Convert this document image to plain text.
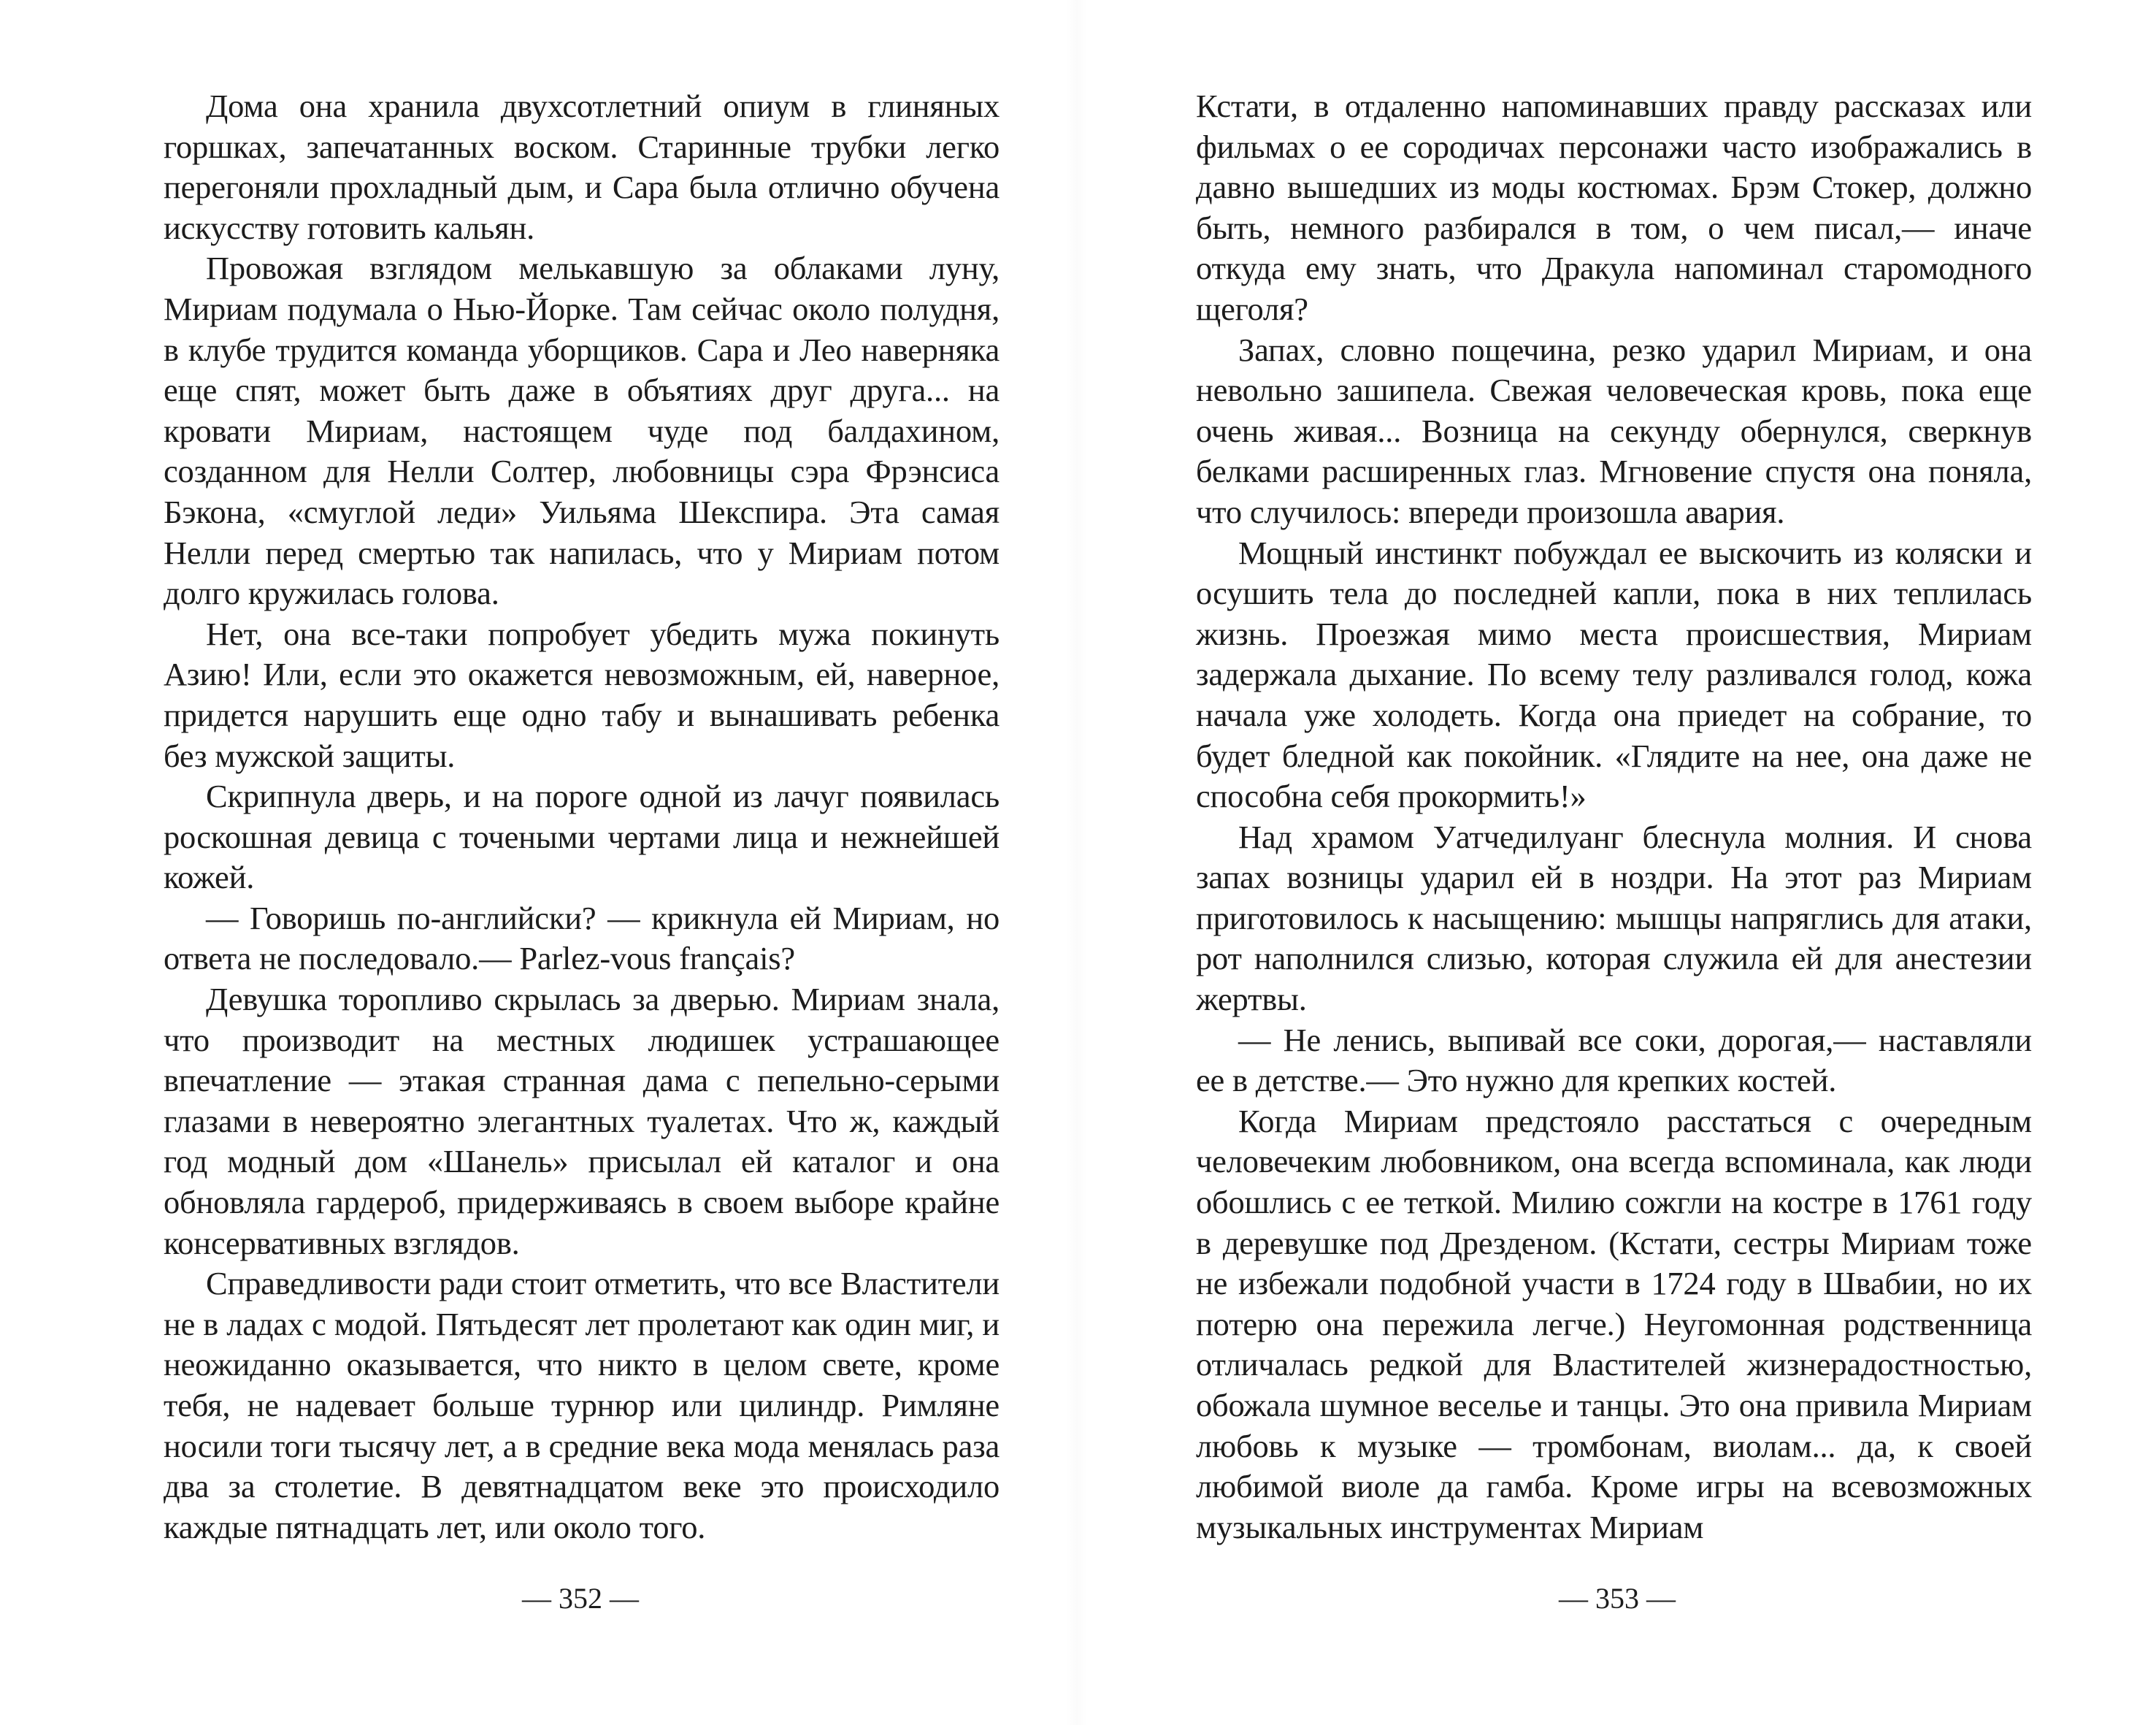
Дома она хранила двухсотлетний опиум в глиняных горшках, запечатанных воском. Старинные трубки легко перегоняли прохладный дым, и Сара была отлично обучена искусству готовить кальян.

Провожая взглядом мелькавшую за облаками луну, Мириам подумала о Нью-Йорке. Там сейчас около полудня, в клубе трудится команда уборщиков. Сара и Лео наверняка еще спят, может быть даже в объятиях друг друга... на кровати Мириам, настоящем чуде под балдахином, созданном для Нелли Солтер, любовницы сэра Фрэнсиса Бэкона, «смуглой леди» Уильяма Шекспира. Эта самая Нелли перед смертью так напилась, что у Мириам потом долго кружилась голова.

Нет, она все-таки попробует убедить мужа покинуть Азию! Или, если это окажется невозможным, ей, наверное, придется нарушить еще одно табу и вынашивать ребенка без мужской защиты.

Скрипнула дверь, и на пороге одной из лачуг появилась роскошная девица с точеными чертами лица и нежнейшей кожей.

— Говоришь по-английски? — крикнула ей Мириам, но ответа не последовало.— Parlez-vous français?

Девушка торопливо скрылась за дверью. Мириам знала, что производит на местных людишек устрашающее впечатление — этакая странная дама с пепельно-серыми глазами в невероятно элегантных туалетах. Что ж, каждый год модный дом «Шанель» присылал ей каталог и она обновляла гардероб, придерживаясь в своем выборе крайне консервативных взглядов.

Справедливости ради стоит отметить, что все Властители не в ладах с модой. Пятьдесят лет пролетают как один миг, и неожиданно оказывается, что никто в целом свете, кроме тебя, не надевает больше турнюр или цилиндр. Римляне носили тоги тысячу лет, а в средние века мода менялась раза два за столетие. В девятнадцатом веке это происходило каждые пятнадцать лет, или около того.

Кстати, в отдаленно напоминавших правду рассказах или фильмах о ее сородичах персонажи часто изображались в давно вышедших из моды костюмах. Брэм Стокер, должно быть, немного разбирался в том, о чем писал,— иначе откуда ему знать, что Дракула напоминал старомодного щеголя?

Запах, словно пощечина, резко ударил Мириам, и она невольно зашипела. Свежая человеческая кровь, пока еще очень живая... Возница на секунду обернулся, сверкнув белками расширенных глаз. Мгновение спустя она поняла, что случилось: впереди произошла авария.

Мощный инстинкт побуждал ее выскочить из коляски и осушить тела до последней капли, пока в них теплилась жизнь. Проезжая мимо места происшествия, Мириам задержала дыхание. По всему телу разливался голод, кожа начала уже холодеть. Когда она приедет на собрание, то будет бледной как покойник. «Глядите на нее, она даже не способна себя прокормить!»

Над храмом Уатчедилуанг блеснула молния. И снова запах возницы ударил ей в ноздри. На этот раз Мириам приготовилось к насыщению: мышцы напряглись для атаки, рот наполнился слизью, которая служила ей для анестезии жертвы.

— Не ленись, выпивай все соки, дорогая,— наставляли ее в детстве.— Это нужно для крепких костей.

Когда Мириам предстояло расстаться с очередным человечеким любовником, она всегда вспоминала, как люди обошлись с ее теткой. Милию сожгли на костре в 1761 году в деревушке под Дрезденом. (Кстати, сестры Мириам тоже не избежали подобной участи в 1724 году в Швабии, но их потерю она пережила легче.) Неугомонная родственница отличалась редкой для Властителей жизнерадостностью, обожала шумное веселье и танцы. Это она привила Мириам любовь к музыке — тромбонам, виолам... да, к своей любимой виоле да гамба. Кроме игры на всевозможных музыкальных инструментах Мириам

— 352 —	— 353 —
